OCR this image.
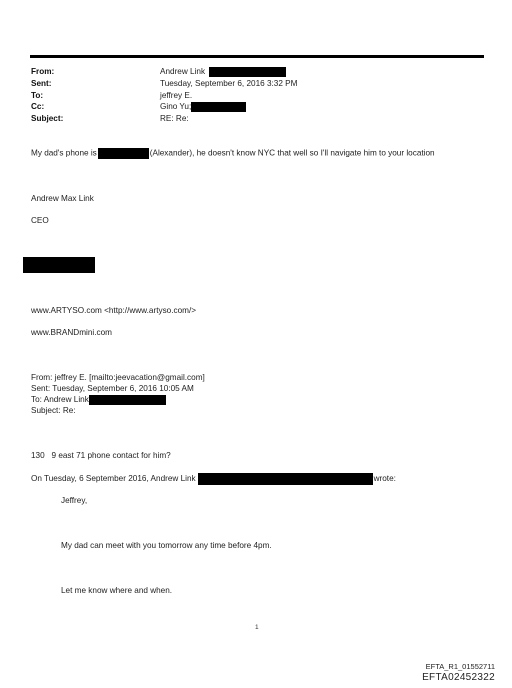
From:	Andrew Link
Sent:	Tuesday, September 6, 2016 3:32 PM
To:	jeffrey E.
Cc:	Gino Yu;
Subject:	RE: Re:
My dad's phone is	(Alexander), he doesn't know NYC that well so I'll navigate him to your location
Andrew Max Link
CEO
www.ARTYSO.com <http://www.artyso.com/>
www.BRANDmini.com
From: jeffrey E. [mailto:jeevacation@gmail.com]
Sent: Tuesday, September 6, 2016 10:05 AM
To: Andrew Link
Subject: Re:
130   9 east 71 phone contact for him?
On Tuesday, 6 September 2016, Andrew Link	wrote:
Jeffrey,
My dad can meet with you tomorrow any time before 4pm.
Let me know where and when.
1
EFTA_R1_01552711
EFTA02452322
